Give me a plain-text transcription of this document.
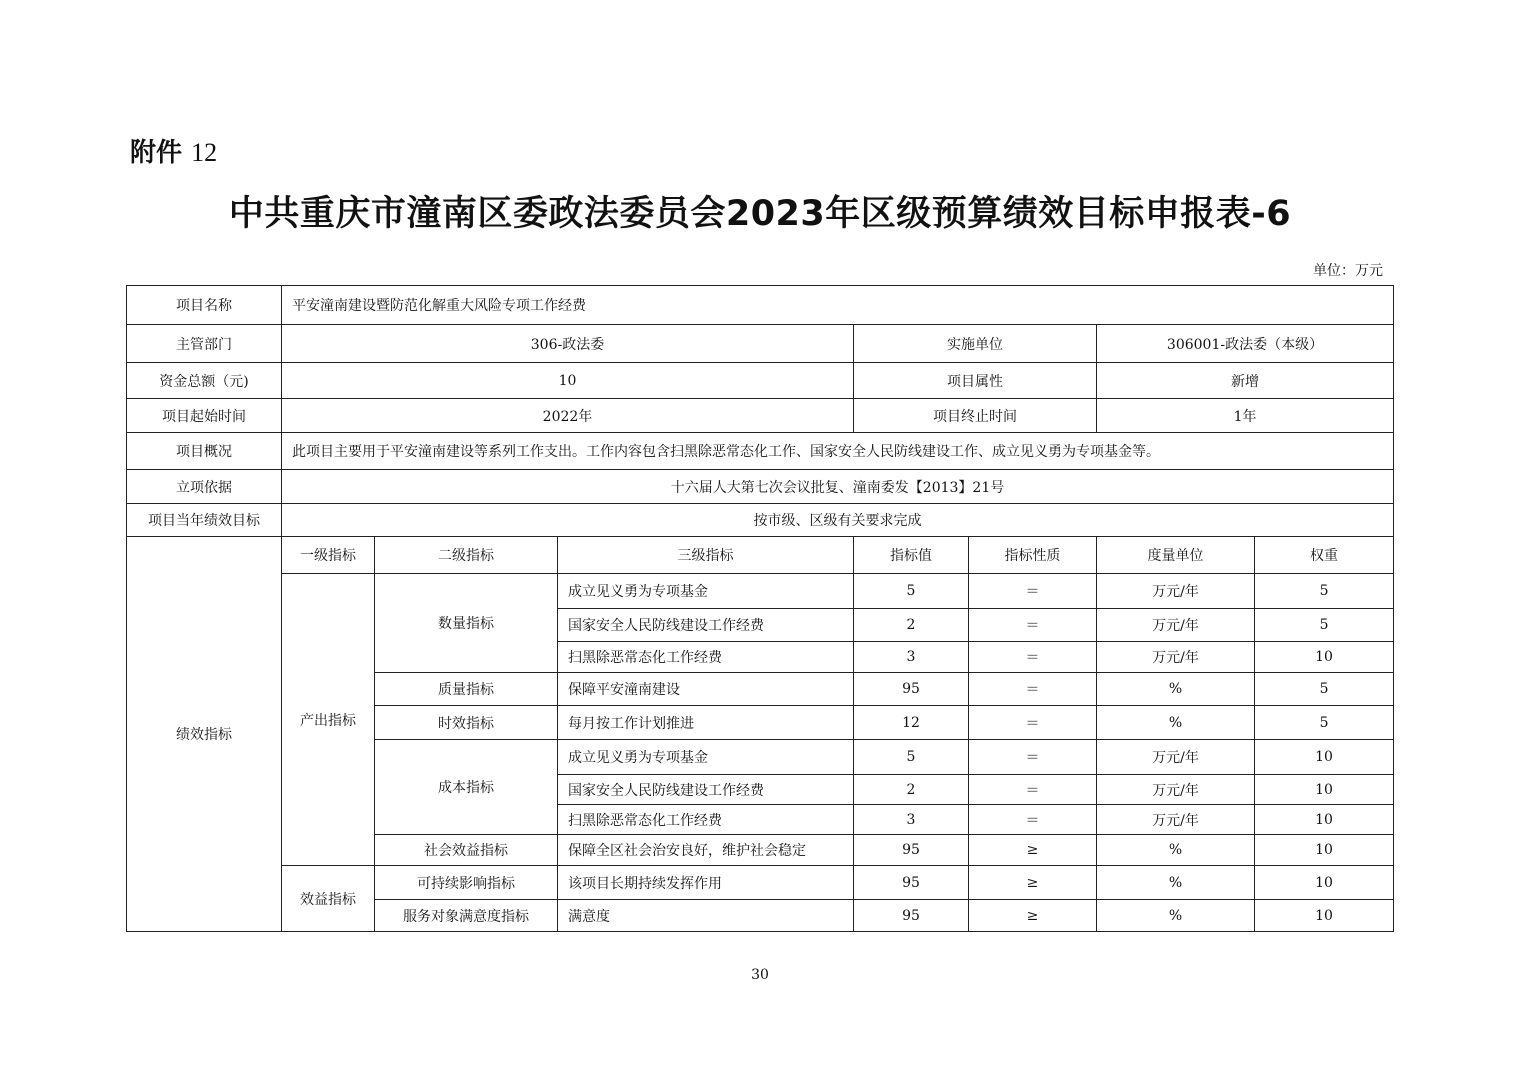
附件 12
中共重庆市潼南区委政法委员会2023年区级预算绩效目标申报表-6
单位：万元
项目名称	平安潼南建设暨防范化解重大风险专项工作经费						
主管部门	306-政法委			实施单位		306001-政法委（本级）	
资金总额（元)	10			项目属性		新增	
项目起始时间	2022年			项目终止时间		1年	
项目概况	此项目主要用于平安潼南建设等系列工作支出。工作内容包含扫黑除恶常态化工作、国家安全人民防线建设工作、成立见义勇为专项基金等。						
立项依据	十六届人大第七次会议批复、潼南委发【2013】21号						
项目当年绩效目标	按市级、区级有关要求完成						
绩效指标	一级指标	二级指标	三级指标	指标值	指标性质	度量单位	权重
	产出指标	数量指标	成立见义勇为专项基金	5	＝	万元/年	5
			国家安全人民防线建设工作经费	2	＝	万元/年	5
			扫黑除恶常态化工作经费	3	＝	万元/年	10
		质量指标	保障平安潼南建设	95	＝	%	5
		时效指标	每月按工作计划推进	12	＝	%	5
		成本指标	成立见义勇为专项基金	5	＝	万元/年	10
			国家安全人民防线建设工作经费	2	＝	万元/年	10
			扫黑除恶常态化工作经费	3	＝	万元/年	10
		社会效益指标	保障全区社会治安良好，维护社会稳定	95	≥	%	10
	效益指标	可持续影响指标	该项目长期持续发挥作用	95	≥	%	10
		服务对象满意度指标	满意度	95	≥	%	10
30
